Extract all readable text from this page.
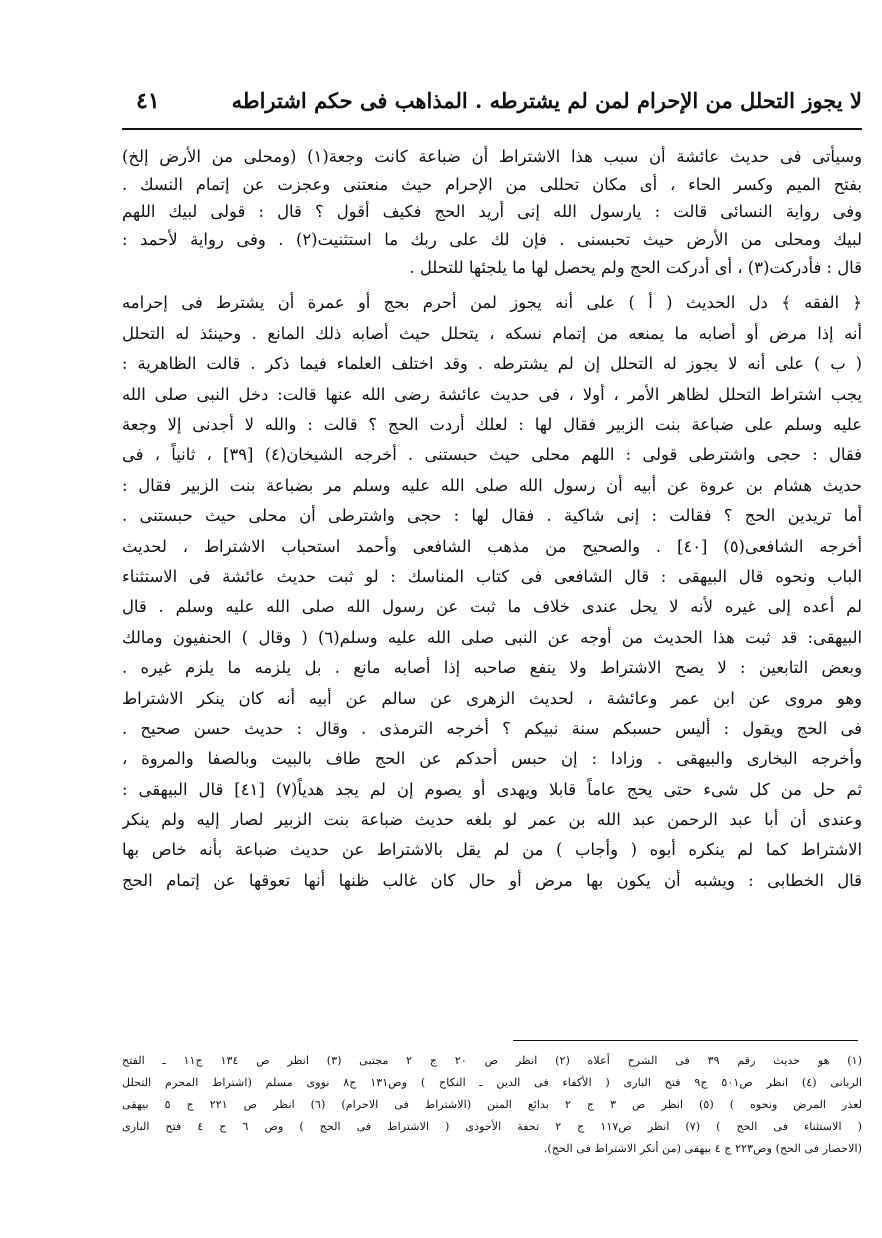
لا يجوز التحلل من الإحرام لمن لم يشترطه . المذاهب فى حكم اشتراطه
٤١
وسيأتى فى حديث عائشة أن سبب هذا الاشتراط أن ضباعة كانت وجعة(١) (ومحلى من الأرض إلخ)
بفتح الميم وكسر الحاء ، أى مكان تحللى من الإحرام حيث منعتنى وعجزت عن إتمام النسك .
وفى رواية النسائى قالت : يارسول الله إنى أريد الحج فكيف أقول ؟ قال : قولى لبيك اللهم
لبيك ومحلى من الأرض حيث تحبسنى . فإن لك على ربك ما استثنيت(٢) . وفى رواية لأحمد :
قال : فأدركت(٣) ، أى أدركت الحج ولم يحصل لها ما يلجئها للتحلل .
﴿ الفقه ﴾ دل الحديث ( أ ) على أنه يجوز لمن أحرم بحج أو عمرة أن يشترط فى إحرامه
أنه إذا مرض أو أصابه ما يمنعه من إتمام نسكه ، يتحلل حيث أصابه ذلك المانع . وحينئذ له التحلل
( ب ) على أنه لا يجوز له التحلل إن لم يشترطه . وقد اختلف العلماء فيما ذكر . قالت الظاهرية :
يجب اشتراط التحلل لظاهر الأمر ، أولا ، فى حديث عائشة رضى الله عنها قالت: دخل النبى صلى الله
عليه وسلم على ضباعة بنت الزبير فقال لها : لعلك أردت الحج ؟ قالت : والله لا أجدنى إلا وجعة
فقال : حجى واشترطى قولى : اللهم محلى حيث حبستنى . أخرجه الشيخان(٤) [٣٩] ، ثانياً ، فى
حديث هشام بن عروة عن أبيه أن رسول الله صلى الله عليه وسلم مر بضباعة بنت الزبير فقال :
أما تريدين الحج ؟ فقالت : إنى شاكية . فقال لها : حجى واشترطى أن محلى حيث حبستنى .
أخرجه الشافعى(٥) [٤٠] . والصحيح من مذهب الشافعى وأحمد استحباب الاشتراط ، لحديث
الباب ونحوه قال البيهقى : قال الشافعى فى كتاب المناسك : لو ثبت حديث عائشة فى الاستثناء
لم أعده إلى غيره لأنه لا يحل عندى خلاف ما ثبت عن رسول الله صلى الله عليه وسلم . قال
البيهقى: قد ثبت هذا الحديث من أوجه عن النبى صلى الله عليه وسلم(٦) ( وقال ) الحنفيون ومالك
وبعض التابعين : لا يصح الاشتراط ولا ينفع صاحبه إذا أصابه مانع . بل يلزمه ما يلزم غيره .
وهو مروى عن ابن عمر وعائشة ، لحديث الزهرى عن سالم عن أبيه أنه كان ينكر الاشتراط
فى الحج ويقول : أليس حسبكم سنة نبيكم ؟ أخرجه الترمذى . وقال : حديث حسن صحيح .
وأخرجه البخارى والبيهقى . وزادا : إن حبس أحدكم عن الحج طاف بالبيت وبالصفا والمروة ،
ثم حل من كل شىء حتى يحج عاماً قابلا ويهدى أو يصوم إن لم يجد هدياً(٧) [٤١] قال البيهقى :
وعندى أن أبا عبد الرحمن عبد الله بن عمر لو بلغه حديث ضباعة بنت الزبير لصار إليه ولم ينكر
الاشتراط كما لم ينكره أبوه ( وأجاب ) من لم يقل بالاشتراط عن حديث ضباعة بأنه خاص بها
قال الخطابى : ويشبه أن يكون بها مرض أو حال كان غالب ظنها أنها تعوقها عن إتمام الحج
(١) هو حديث رقم ٣٩ فى الشرح أعلاه (٢) انظر ص ٢٠ ج ٢ مجتبى (٣) انظر ص ١٣٤ ج١١ ـ الفتح
الربانى (٤) انظر ص٥٠١ ج٩ فتح البارى ( الأكفاء فى الدين ـ النكاح ) وص١٣١ ج٨ نووى مسلم (اشتراط المحرم التحلل
لعذر المرض ونحوه ) (٥) انظر ص ٣ ج ٢ بدائع المنن (الاشتراط فى الاحرام) (٦) انظر ص ٢٢١ ج ٥ بيهقى
( الاستثناء فى الحج ) (٧) انظر ص١١٧ ج ٢ تحفة الأحوذى ( الاشتراط فى الحج ) وص ٦ ج ٤ فتح البارى
(الاحصار فى الحج) وص٢٢٣ ج ٤ بيهقى (من أنكر الاشتراط فى الحج).
